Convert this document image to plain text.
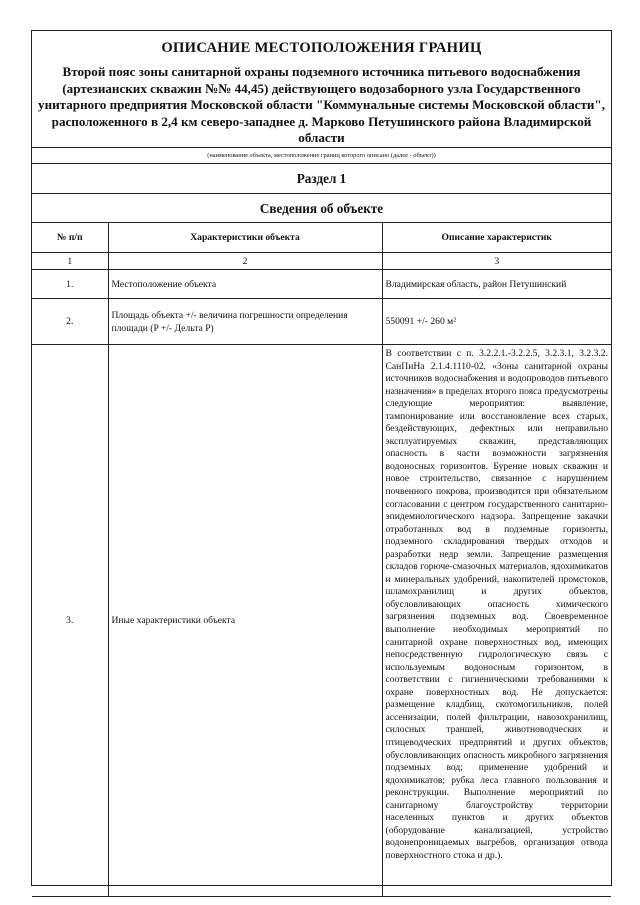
ОПИСАНИЕ МЕСТОПОЛОЖЕНИЯ ГРАНИЦ
Второй пояс зоны санитарной охраны подземного источника питьевого водоснабжения (артезианских скважин №№ 44,45) действующего водозаборного узла Государственного унитарного предприятия Московской области "Коммунальные системы Московской области", расположенного в 2,4 км северо-западнее д. Марково Петушинского района Владимирской области
(наименование объекта, местоположение границ которого описано (далее - объект))
Раздел 1
Сведения об объекте
№ п/п	Характеристики объекта	Описание характеристик
1	2	3
1.	Местоположение объекта	Владимирская область, район Петушинский
2.	Площадь объекта +/- величина погрешности определения площади (P +/- Дельта P)	550091 +/- 260 м²
3.	Иные характеристики объекта	В соответствии с п. 3.2.2.1.-3.2.2.5, 3.2.3.1, 3.2.3.2. СанПиНа 2.1.4.1110-02. «Зоны санитарной охраны источников водоснабжения и водопроводов питьевого назначения» в пределах второго пояса предусмотрены следующие мероприятия: выявление, тампонирование или восстановление всех старых, бездействующих, дефектных или неправильно эксплуатируемых скважин, представляющих опасность в части возможности загрязнения водоносных горизонтов. Бурение новых скважин и новое строительство, связанное с нарушением почвенного покрова, производится при обязательном согласовании с центром государственного санитарно-эпидемиологического надзора. Запрещение закачки отработанных вод в подземные горизонты, подземного складирования твердых отходов и разработки недр земли. Запрещение размещения складов горюче-смазочных материалов, ядохимикатов и минеральных удобрений, накопителей промстоков, шламохранилищ и других объектов, обусловливающих опасность химического загрязнения подземных вод. Своевременное выполнение необходимых мероприятий по санитарной охране поверхностных вод, имеющих непосредственную гидрологическую связь с используемым водоносным горизонтом, в соответствии с гигиеническими требованиями к охране поверхностных вод. Не допускается: размещение кладбищ, скотомогильников, полей ассенизации, полей фильтрации, навозохранилищ, силосных траншей, животноводческих и птицеводческих предприятий и других объектов, обусловливающих опасность микробного загрязнения подземных вод; применение удобрений и ядохимикатов; рубка леса главного пользования и реконструкции. Выполнение мероприятий по санитарному благоустройству территории населенных пунктов и других объектов (оборудование канализацией, устройство водонепроницаемых выгребов, организация отвода поверхностного стока и др.).
